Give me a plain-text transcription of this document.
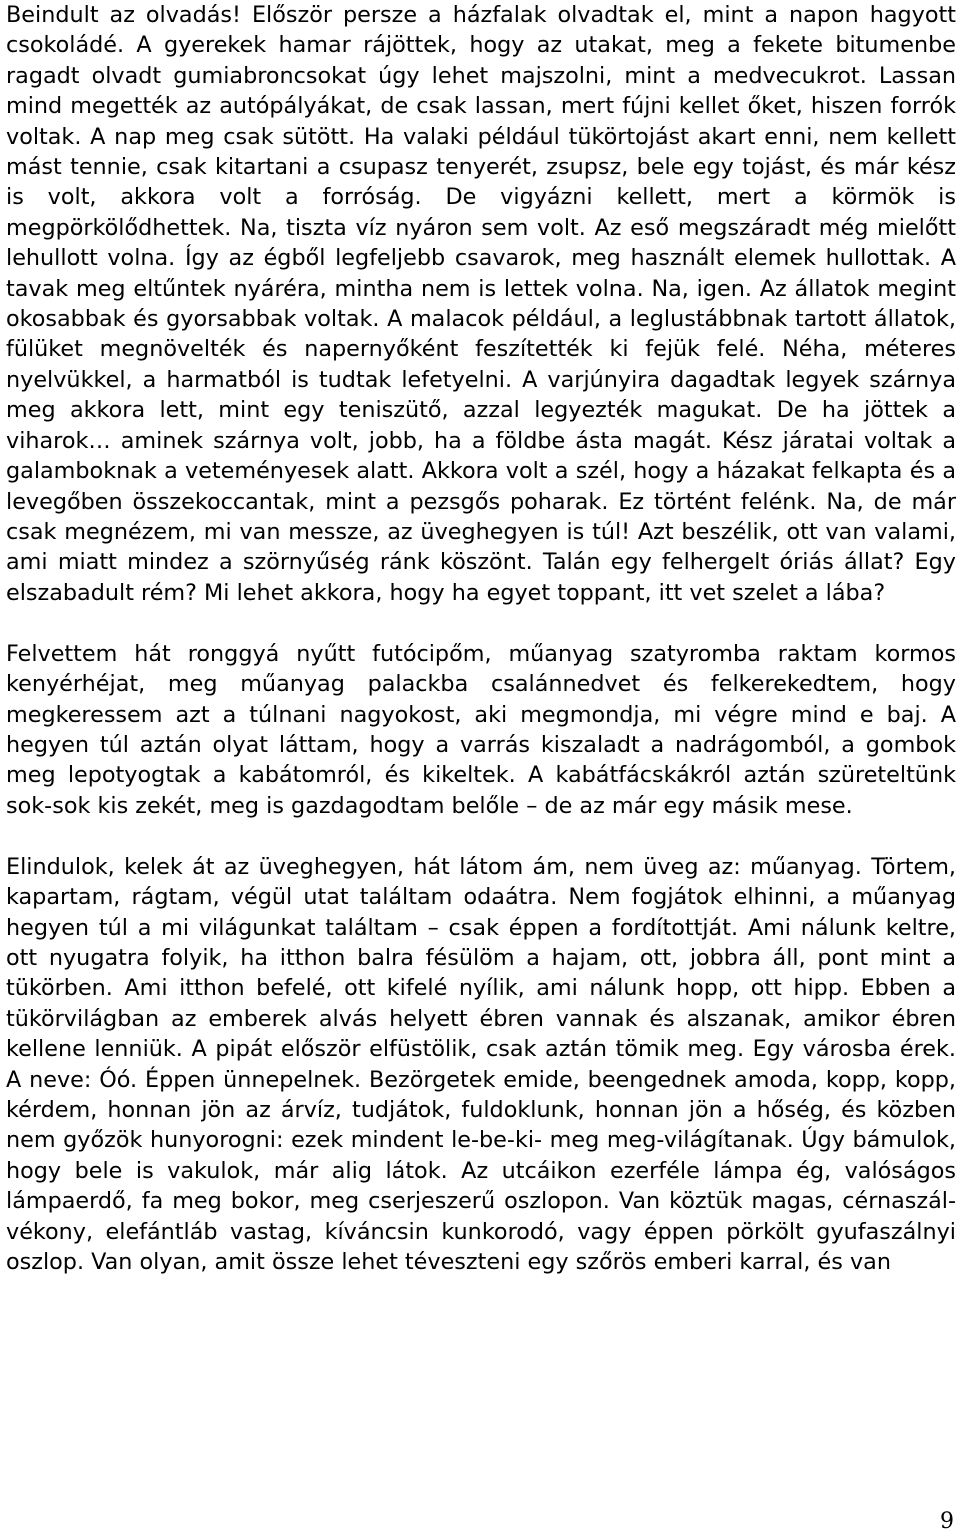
Beindult az olvadás! Először persze a házfalak olvadtak el, mint a napon hagyott csokoládé. A gyerekek hamar rájöttek, hogy az utakat, meg a fekete bitumenbe ragadt olvadt gumiabroncsokat úgy lehet majszolni, mint a medvecukrot. Lassan mind megették az autópályákat, de csak lassan, mert fújni kellet őket, hiszen forrók voltak. A nap meg csak sütött. Ha valaki például tükörtojást akart enni, nem kellett mást tennie, csak kitartani a csupasz tenyerét, zsupsz, bele egy tojást, és már kész is volt, akkora volt a forróság. De vigyázni kellett, mert a körmök is megpörkölődhettek. Na, tiszta víz nyáron sem volt. Az eső megszáradt még mielőtt lehullott volna. Így az égből legfeljebb csavarok, meg használt elemek hullottak. A tavak meg eltűntek nyáréra, mintha nem is lettek volna. Na, igen. Az állatok megint okosabbak és gyorsabbak voltak. A malacok például, a leglustábbnak tartott állatok, fülüket megnövelték és napernyőként feszítették ki fejük felé. Néha, méteres nyelvükkel, a harmatból is tudtak lefetyelni. A varjúnyira dagadtak legyek szárnya meg akkora lett, mint egy teniszütő, azzal legyezték magukat. De ha jöttek a viharok… aminek szárnya volt, jobb, ha a földbe ásta magát. Kész járatai voltak a galamboknak a veteményesek alatt. Akkora volt a szél, hogy a házakat felkapta és a levegőben összekoccantak, mint a pezsgős poharak. Ez történt felénk. Na, de már csak megnézem, mi van messze, az üveghegyen is túl! Azt beszélik, ott van valami, ami miatt mindez a szörnyűség ránk köszönt. Talán egy felhergelt óriás állat? Egy elszabadult rém? Mi lehet akkora, hogy ha egyet toppant, itt vet szelet a lába?

Felvettem hát ronggyá nyűtt futócipőm, műanyag szatyromba raktam kormos kenyérhéjat, meg műanyag palackba csalánnedvet és felkerekedtem, hogy megkeressem azt a túlnani nagyokost, aki megmondja, mi végre mind e baj. A hegyen túl aztán olyat láttam, hogy a varrás kiszaladt a nadrágomból, a gombok meg lepotyogtak a kabátomról, és kikeltek. A kabátfácskákról aztán szüreteltünk sok-sok kis zekét, meg is gazdagodtam belőle – de az már egy másik mese.

Elindulok, kelek át az üveghegyen, hát látom ám, nem üveg az: műanyag. Törtem, kapartam, rágtam, végül utat találtam odaátra. Nem fogjátok elhinni, a műanyag hegyen túl a mi világunkat találtam – csak éppen a fordítottját. Ami nálunk keltre, ott nyugatra folyik, ha itthon balra fésülöm a hajam, ott, jobbra áll, pont mint a tükörben. Ami itthon befelé, ott kifelé nyílik, ami nálunk hopp, ott hipp. Ebben a tükörvilágban az emberek alvás helyett ébren vannak és alszanak, amikor ébren kellene lenniük. A pipát először elfüstölik, csak aztán tömik meg. Egy városba érek. A neve: Óó. Éppen ünnepelnek. Bezörgetek emide, beengednek amoda, kopp, kopp, kérdem, honnan jön az árvíz, tudjátok, fuldoklunk, honnan jön a hőség, és közben nem győzök hunyorogni: ezek mindent le-be-ki- meg meg-világítanak. Úgy bámulok, hogy bele is vakulok, már alig látok. Az utcáikon ezerféle lámpa ég, valóságos lámpaerdő, fa meg bokor, meg cserjeszerű oszlopon. Van köztük magas, cérnaszál-vékony, elefántláb vastag, kíváncsin kunkorodó, vagy éppen pörkölt gyufaszálnyi oszlop. Van olyan, amit össze lehet téveszteni egy szőrös emberi karral, és van

9
